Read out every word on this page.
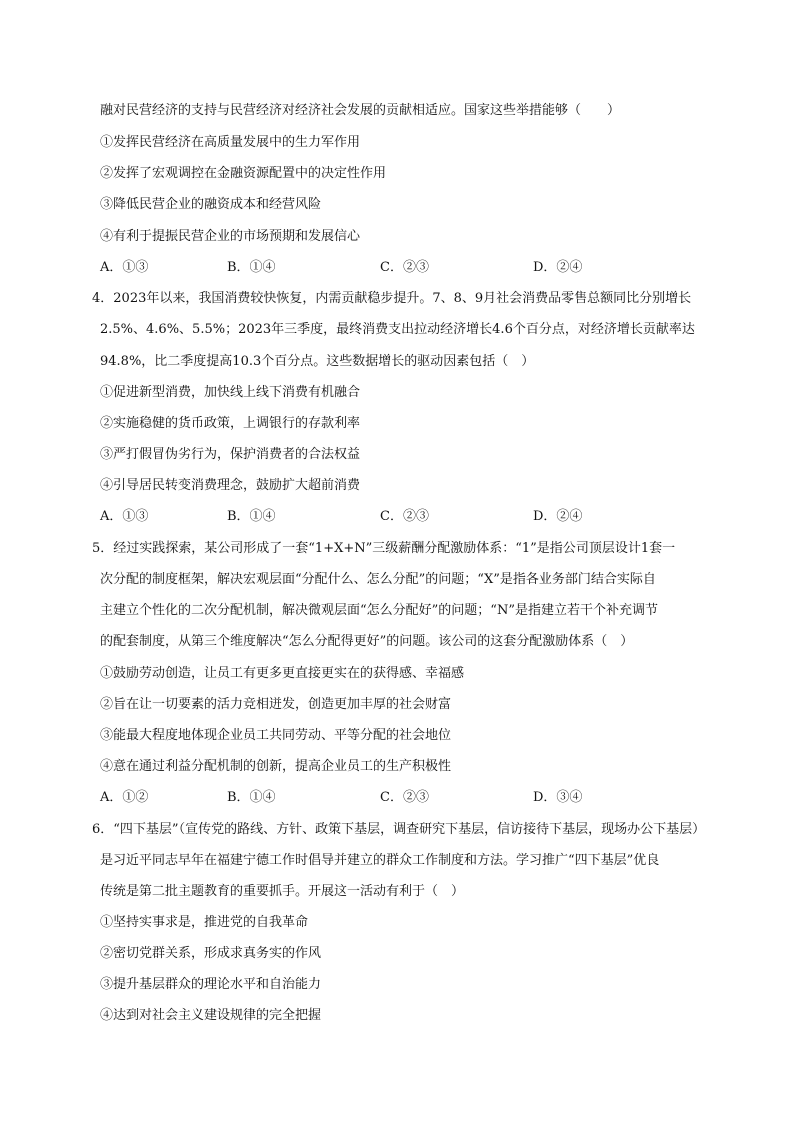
融对民营经济的支持与民营经济对经济社会发展的贡献相适应。国家这些举措能够（　　）
①发挥民营经济在高质量发展中的生力军作用
②发挥了宏观调控在金融资源配置中的决定性作用
③降低民营企业的融资成本和经营风险
④有利于提振民营企业的市场预期和发展信心
A．①③	B．①④	C．②③	D．②④
4．2023年以来，我国消费较快恢复，内需贡献稳步提升。7、8、9月社会消费品零售总额同比分别增长
2.5%、4.6%、5.5%；2023年三季度，最终消费支出拉动经济增长4.6个百分点，对经济增长贡献率达
94.8%，比二季度提高10.3个百分点。这些数据增长的驱动因素包括（　）
①促进新型消费，加快线上线下消费有机融合
②实施稳健的货币政策，上调银行的存款利率
③严打假冒伪劣行为，保护消费者的合法权益
④引导居民转变消费理念，鼓励扩大超前消费
A．①③	B．①④	C．②③	D．②④
5．经过实践探索，某公司形成了一套“1+X+N”三级薪酬分配激励体系：“1”是指公司顶层设计1套一
次分配的制度框架，解决宏观层面“分配什么、怎么分配”的问题；“X”是指各业务部门结合实际自
主建立个性化的二次分配机制，解决微观层面“怎么分配好”的问题；“N”是指建立若干个补充调节
的配套制度，从第三个维度解决“怎么分配得更好”的问题。该公司的这套分配激励体系（　）
①鼓励劳动创造，让员工有更多更直接更实在的获得感、幸福感
②旨在让一切要素的活力竞相迸发，创造更加丰厚的社会财富
③能最大程度地体现企业员工共同劳动、平等分配的社会地位
④意在通过利益分配机制的创新，提高企业员工的生产积极性
A．①②	B．①④	C．②③	D．③④
6．“四下基层”（宣传党的路线、方针、政策下基层，调查研究下基层，信访接待下基层，现场办公下基层）
是习近平同志早年在福建宁德工作时倡导并建立的群众工作制度和方法。学习推广“四下基层”优良
传统是第二批主题教育的重要抓手。开展这一活动有利于（　）
①坚持实事求是，推进党的自我革命
②密切党群关系，形成求真务实的作风
③提升基层群众的理论水平和自治能力
④达到对社会主义建设规律的完全把握
